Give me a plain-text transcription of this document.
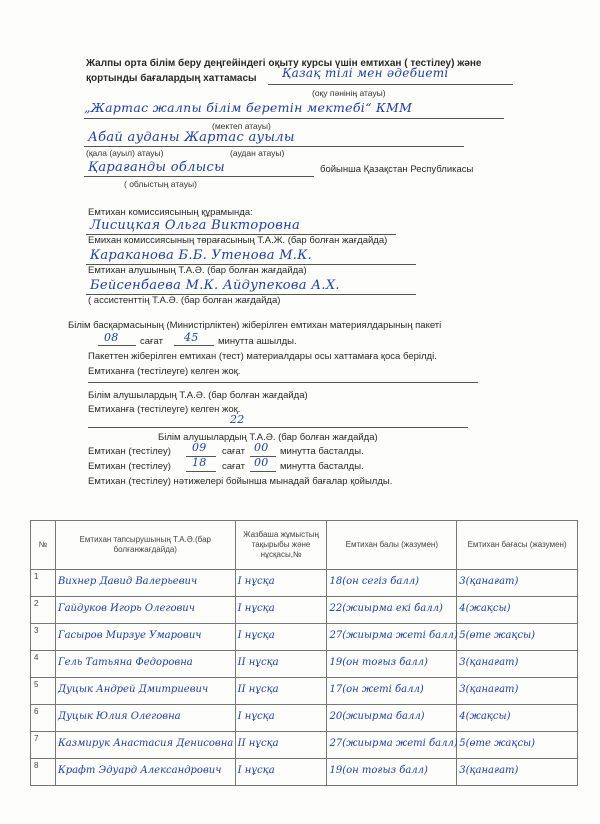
Жалпы орта білім беру деңгейіндегі оқыту курсы үшін емтихан ( тестілеу) және
қортынды бағалардың хаттамасы Қазақ тілі мен әдебиеті
(оқу пәнінің атауы)
„Жартас жалпы білім беретін мектебі“ КММ
(мектеп атауы)
Абай ауданы Жартас ауылы
(қала (ауыл) атауы)	(аудан атауы)
Қарағанды облысы	бойынша Қазақстан Республикасы
( облыстың атауы)
Емтихан комиссиясының құрамында:
Лисицкая Ольга Викторовна
Емихан комиссиясының төрағасының Т.А.Ж. (бар болған жағдайда)
Караканова Б.Б. Утенова М.К.
Емтихан алушының Т.А.Ә. (бар болған жағдайда)
Бейсенбаева М.К. Айдупекова А.Х.
( ассистенттің Т.А.Ә. (бар болған жағдайда)
Білім басқармасының (Министірліктен) жіберілген емтихан материялдарының пакеті
08 сағат 45 минутта ашылды.
Пакеттен жіберілген емтихан (тест) материалдары осы хаттамаға қоса берілді.
Емтиханға (тестілеуге) келген жоқ.
Білім алушылардың Т.А.Ә. (бар болған жағдайда)
Емтиханға (тестілеуге) келген жоқ.
22
Білім алушылардың Т.А.Ә. (бар болған жағдайда)
Емтихан (тестілеу) 09 сағат 00 минутта басталды.
Емтихан (тестілеу) 18 сағат 00 минутта басталды.
Емтихан (тестілеу) нәтижелері бойынша мынадай бағалар қойылды.
№	Емтихан тапсырушының Т.А.Ә.(бар болғанжағдайда)	Жазбаша жұмыстың тақырыбы және нұсқасы,№	Емтихан балы (жазумен)	Емтихан бағасы (жазумен)
1	Вихнер Давид Валерьевич	I нұсқа	18(он сегіз балл)	3(қанағат)

2	Гайдуков Игорь Олегович	I нұсқа	22(жиырма екі балл)	4(жақсы)

3	Гасыров Мирзуе Умарович	I нұсқа	27(жиырма жеті балл)	5(өте жақсы)

4	Гель Татьяна Федоровна	II нұсқа	19(он тоғыз балл)	3(қанағат)

5	Дуцык Андрей Дмитриевич	II нұсқа	17(он жеті балл)	3(қанағат)

6	Дуцык Юлия Олеговна	I нұсқа	20(жиырма балл)	4(жақсы)

7	Казмирук Анастасия Денисовна	II нұсқа	27(жиырма жеті балл)	5(өте жақсы)

8	Крафт Эдуард Александрович	I нұсқа	19(он тоғыз балл)	3(қанағат)
